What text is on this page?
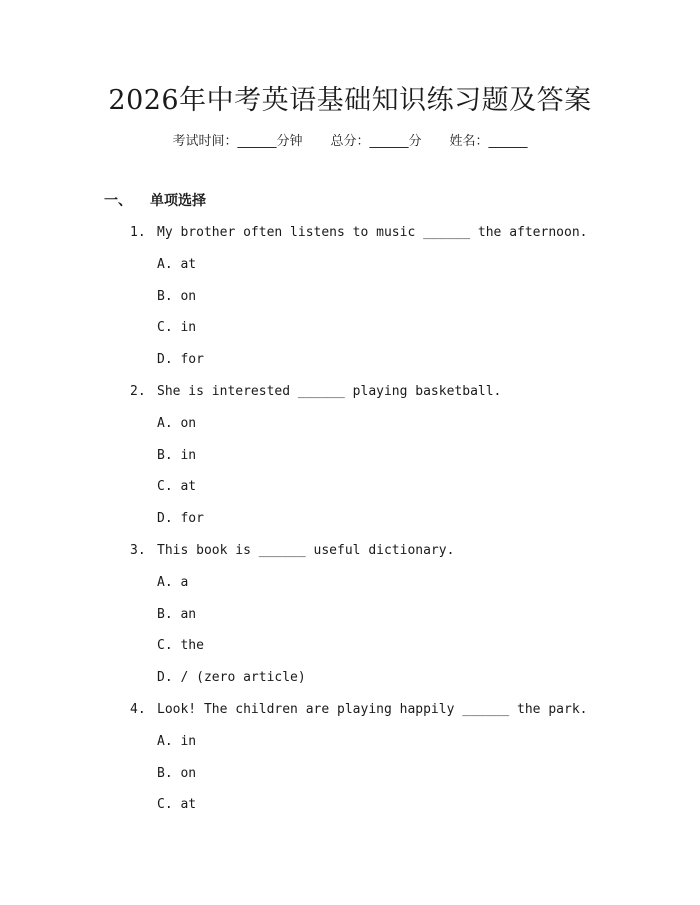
2026年中考英语基础知识练习题及答案
考试时间：______分钟 总分：______分 姓名：______
一、 单项选择
1. My brother often listens to music ______ the afternoon.
A. at
B. on
C. in
D. for
2. She is interested ______ playing basketball.
A. on
B. in
C. at
D. for
3. This book is ______ useful dictionary.
A. a
B. an
C. the
D. / (zero article)
4. Look! The children are playing happily ______ the park.
A. in
B. on
C. at
